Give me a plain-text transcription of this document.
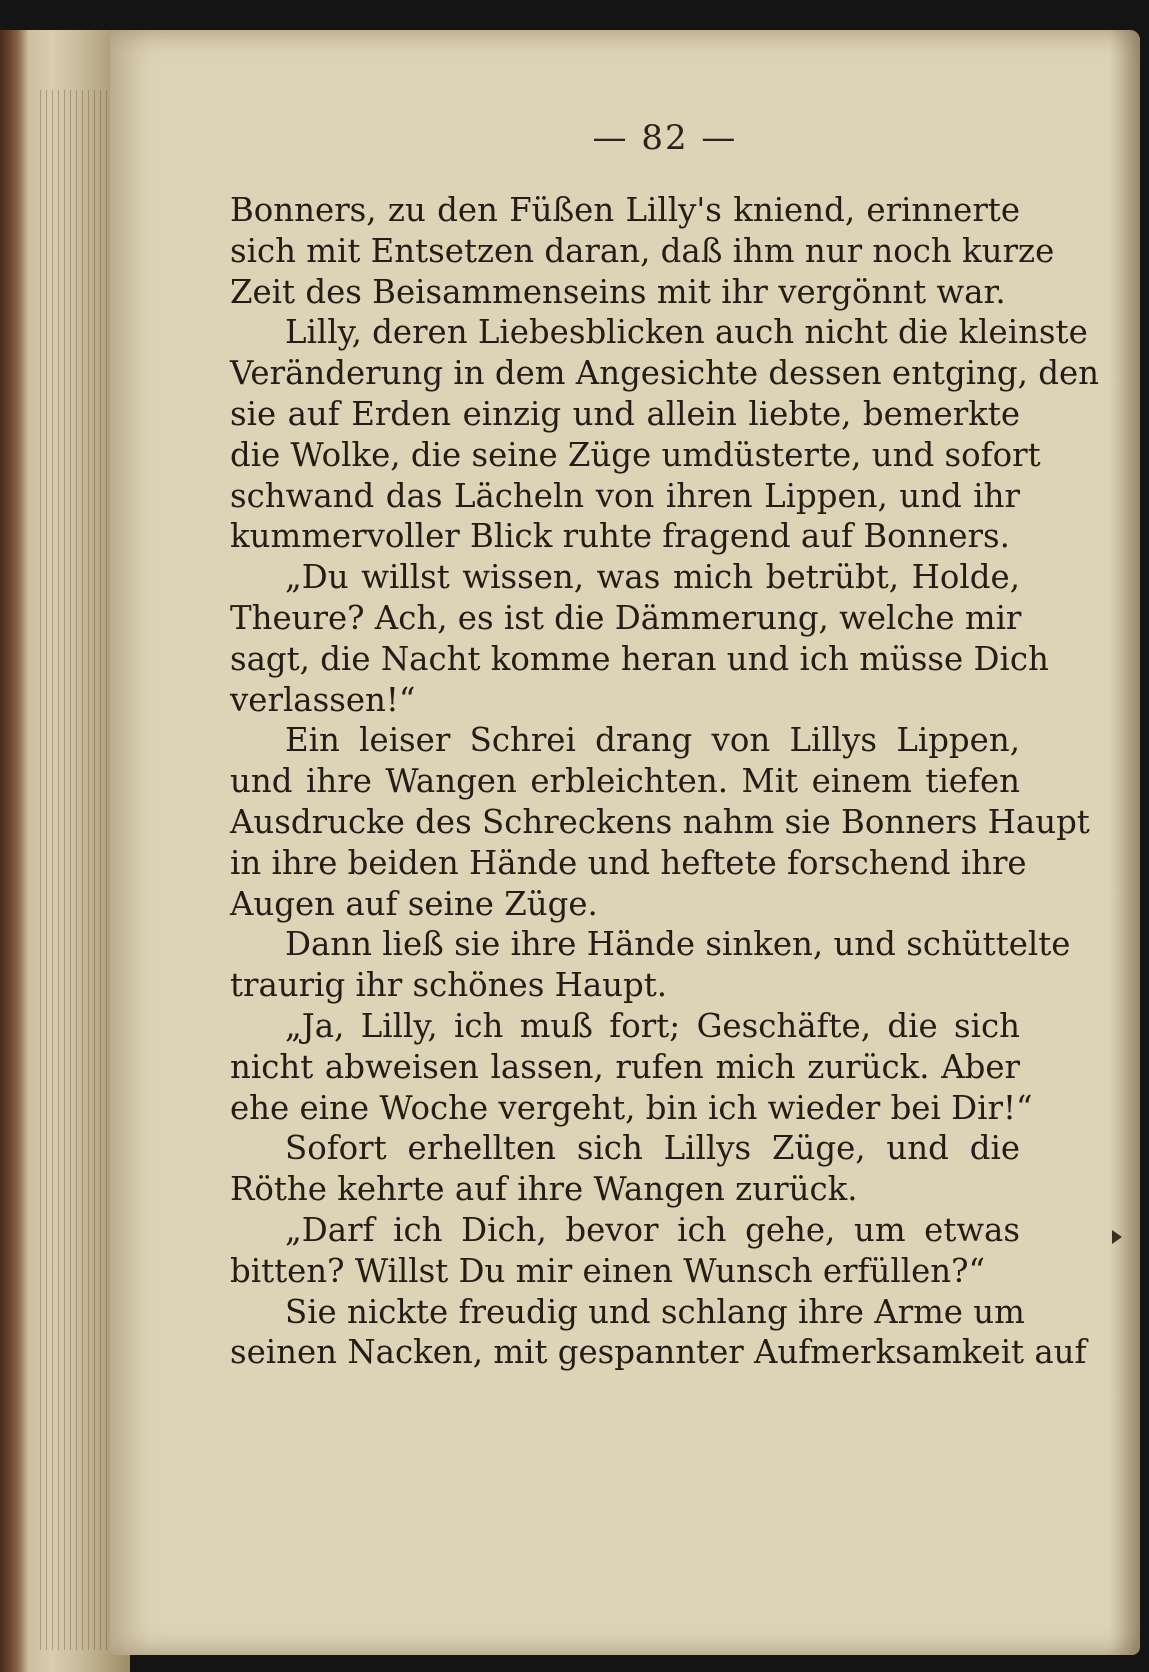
— 82 —
Bonners, zu den Füßen Lilly's kniend, erinnerte
sich mit Entsetzen daran, daß ihm nur noch kurze
Zeit des Beisammenseins mit ihr vergönnt war.
Lilly, deren Liebesblicken auch nicht die kleinste
Veränderung in dem Angesichte dessen entging, den
sie auf Erden einzig und allein liebte, bemerkte
die Wolke, die seine Züge umdüsterte, und sofort
schwand das Lächeln von ihren Lippen, und ihr
kummervoller Blick ruhte fragend auf Bonners.
„Du willst wissen, was mich betrübt, Holde,
Theure? Ach, es ist die Dämmerung, welche mir
sagt, die Nacht komme heran und ich müsse Dich
verlassen!“
Ein leiser Schrei drang von Lillys Lippen,
und ihre Wangen erbleichten. Mit einem tiefen
Ausdrucke des Schreckens nahm sie Bonners Haupt
in ihre beiden Hände und heftete forschend ihre
Augen auf seine Züge.
Dann ließ sie ihre Hände sinken, und schüttelte
traurig ihr schönes Haupt.
„Ja, Lilly, ich muß fort; Geschäfte, die sich
nicht abweisen lassen, rufen mich zurück. Aber
ehe eine Woche vergeht, bin ich wieder bei Dir!“
Sofort erhellten sich Lillys Züge, und die
Röthe kehrte auf ihre Wangen zurück.
„Darf ich Dich, bevor ich gehe, um etwas
bitten? Willst Du mir einen Wunsch erfüllen?“
Sie nickte freudig und schlang ihre Arme um
seinen Nacken, mit gespannter Aufmerksamkeit auf
